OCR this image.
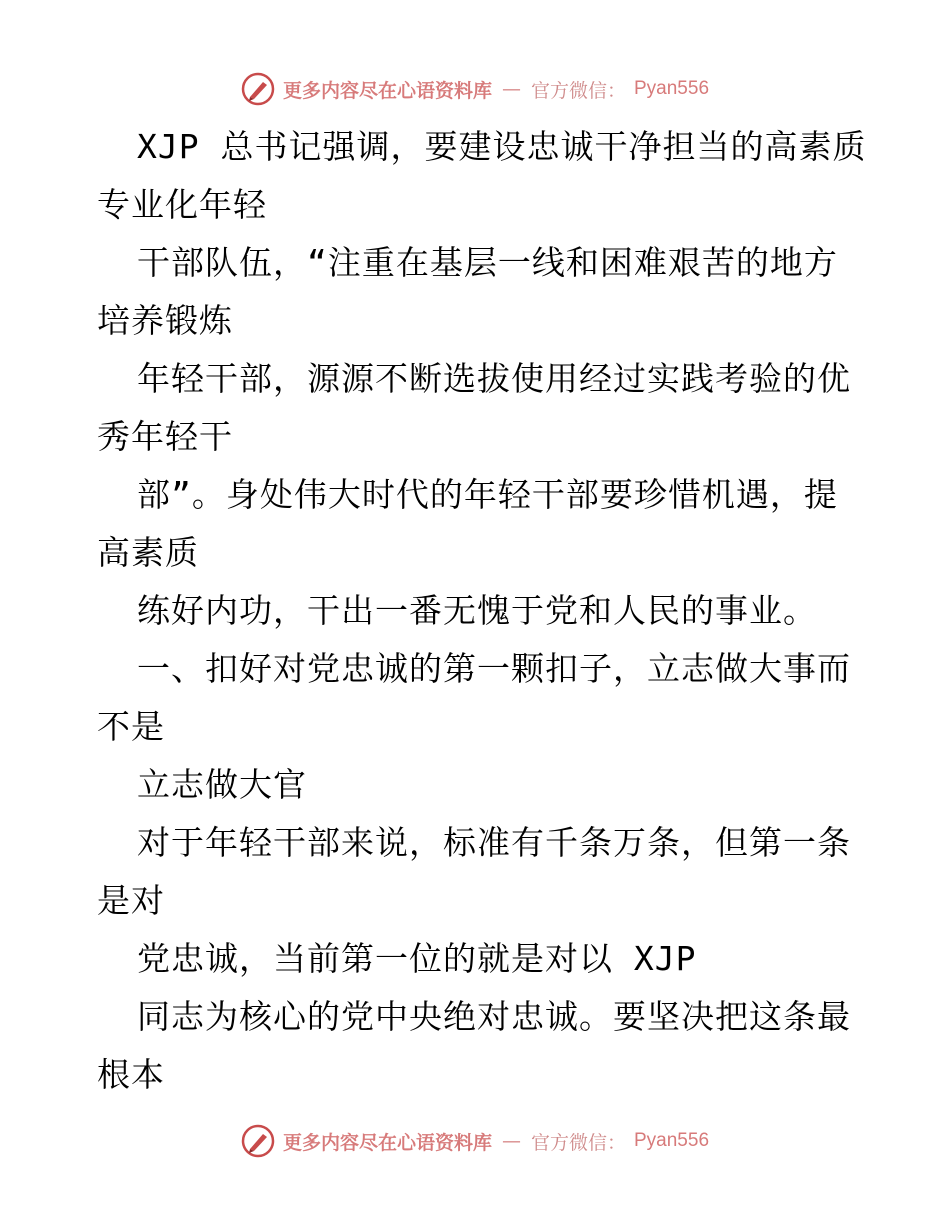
更多内容尽在心语资料库 — 官方微信： Pyan556
XJP 总书记强调，要建设忠诚干净担当的高素质
专业化年轻
干部队伍，“注重在基层一线和困难艰苦的地方
培养锻炼
年轻干部，源源不断选拔使用经过实践考验的优
秀年轻干
部”。身处伟大时代的年轻干部要珍惜机遇，提
高素质
练好内功，干出一番无愧于党和人民的事业。
一、扣好对党忠诚的第一颗扣子，立志做大事而
不是
立志做大官
对于年轻干部来说，标准有千条万条，但第一条
是对
党忠诚，当前第一位的就是对以 XJP
同志为核心的党中央绝对忠诚。要坚决把这条最
根本
更多内容尽在心语资料库 — 官方微信： Pyan556
